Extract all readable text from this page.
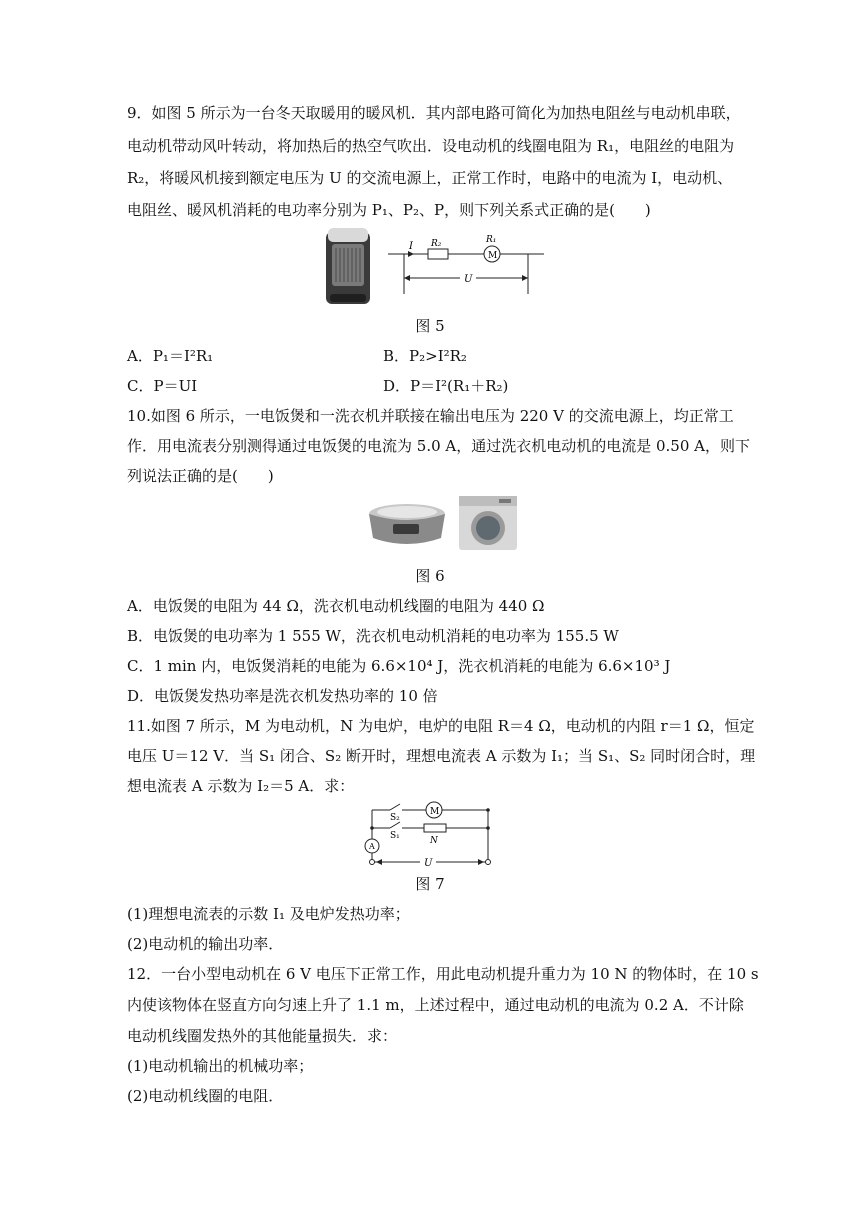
9．如图 5 所示为一台冬天取暖用的暖风机．其内部电路可简化为加热电阻丝与电动机串联，
电动机带动风叶转动，将加热后的热空气吹出．设电动机的线圈电阻为 R₁，电阻丝的电阻为
R₂，将暖风机接到额定电压为 U 的交流电源上，正常工作时，电路中的电流为 I，电动机、
电阻丝、暖风机消耗的电功率分别为 P₁、P₂、P，则下列关系式正确的是(　　)
I R₂	R₁
M
U
图 5
A．P₁＝I²R₁	B．P₂>I²R₂
C．P＝UI	D．P＝I²(R₁＋R₂)
10.如图 6 所示，一电饭煲和一洗衣机并联接在输出电压为 220 V 的交流电源上，均正常工
作．用电流表分别测得通过电饭煲的电流为 5.0 A，通过洗衣机电动机的电流是 0.50 A，则下
列说法正确的是(　　)
图 6
A．电饭煲的电阻为 44 Ω，洗衣机电动机线圈的电阻为 440 Ω
B．电饭煲的电功率为 1 555 W，洗衣机电动机消耗的电功率为 155.5 W
C．1 min 内，电饭煲消耗的电能为 6.6×10⁴ J，洗衣机消耗的电能为 6.6×10³ J
D．电饭煲发热功率是洗衣机发热功率的 10 倍
11.如图 7 所示，M 为电动机，N 为电炉，电炉的电阻 R＝4 Ω，电动机的内阻 r＝1 Ω，恒定
电压 U＝12 V．当 S₁ 闭合、S₂ 断开时，理想电流表 A 示数为 I₁；当 S₁、S₂ 同时闭合时，理
想电流表 A 示数为 I₂＝5 A．求：
S₂
S₁
M
N
A
U
图 7
(1)理想电流表的示数 I₁ 及电炉发热功率；
(2)电动机的输出功率．
12．一台小型电动机在 6 V 电压下正常工作，用此电动机提升重力为 10 N 的物体时，在 10 s
内使该物体在竖直方向匀速上升了 1.1 m，上述过程中，通过电动机的电流为 0.2 A．不计除
电动机线圈发热外的其他能量损失．求：
(1)电动机输出的机械功率；
(2)电动机线圈的电阻．
